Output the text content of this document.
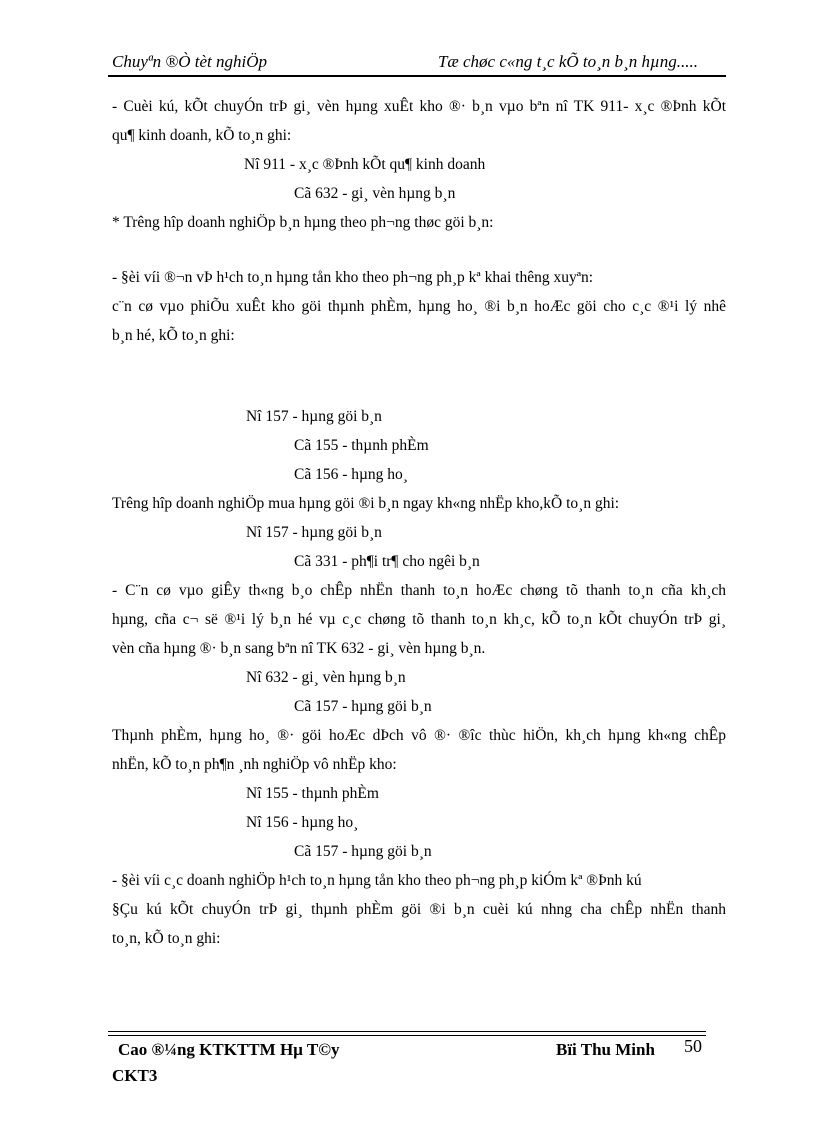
Chuyªn ®Ò tèt nghiÖp	Tæ chøc c«ng t¸c kÕ to¸n b¸n hµng.....
- Cuèi kú, kÕt chuyÓn trÞ gi¸ vèn hµng xuÊt kho ®· b¸n vµo bªn nî TK 911- x¸c ®Þnh kÕt
qu¶ kinh doanh, kÕ to¸n ghi:
Nî 911 - x¸c ®Þnh kÕt qu¶ kinh doanh
Cã 632 - gi¸ vèn hµng b¸n
* Trêng hîp doanh nghiÖp b¸n hµng theo ph¬ng thøc göi b¸n:
- §èi víi ®¬n vÞ h¹ch to¸n hµng tån kho theo ph¬ng ph¸p kª khai thêng xuyªn:
c¨n cø vµo phiÕu xuÊt kho göi thµnh phÈm, hµng ho¸ ®i b¸n hoÆc göi cho c¸c ®¹i lý nhê
b¸n hé, kÕ to¸n ghi:
Nî 157 - hµng göi b¸n
Cã 155 - thµnh phÈm
Cã 156 - hµng ho¸
Trêng hîp doanh nghiÖp mua hµng göi ®i b¸n ngay kh«ng nhËp kho,kÕ to¸n ghi:
Nî 157 - hµng göi b¸n
Cã 331 - ph¶i tr¶ cho ngêi b¸n
- C¨n cø vµo giÊy th«ng b¸o chÊp nhËn thanh to¸n hoÆc chøng tõ thanh to¸n cña kh¸ch
hµng, cña c¬ së ®¹i lý b¸n hé vµ c¸c chøng tõ thanh to¸n kh¸c, kÕ to¸n kÕt chuyÓn trÞ gi¸
vèn cña hµng ®· b¸n sang bªn nî TK 632 - gi¸ vèn hµng b¸n.
Nî 632 - gi¸ vèn hµng b¸n
Cã 157 - hµng göi b¸n
Thµnh phÈm, hµng ho¸ ®· göi hoÆc dÞch vô ®· ®îc thùc hiÖn, kh¸ch hµng kh«ng chÊp
nhËn, kÕ to¸n ph¶n ¸nh nghiÖp vô nhËp kho:
Nî 155 - thµnh phÈm
Nî 156 - hµng ho¸
Cã 157 - hµng göi b¸n
- §èi víi c¸c doanh nghiÖp h¹ch to¸n hµng tån kho theo ph¬ng ph¸p kiÓm kª ®Þnh kú
§Çu kú kÕt chuyÓn trÞ gi¸ thµnh phÈm göi ®i b¸n cuèi kú nhng cha chÊp nhËn thanh
to¸n, kÕ to¸n ghi:
Cao ®¼ng KTKTTM Hµ T©y
CKT3
Bïi Thu Minh 50
